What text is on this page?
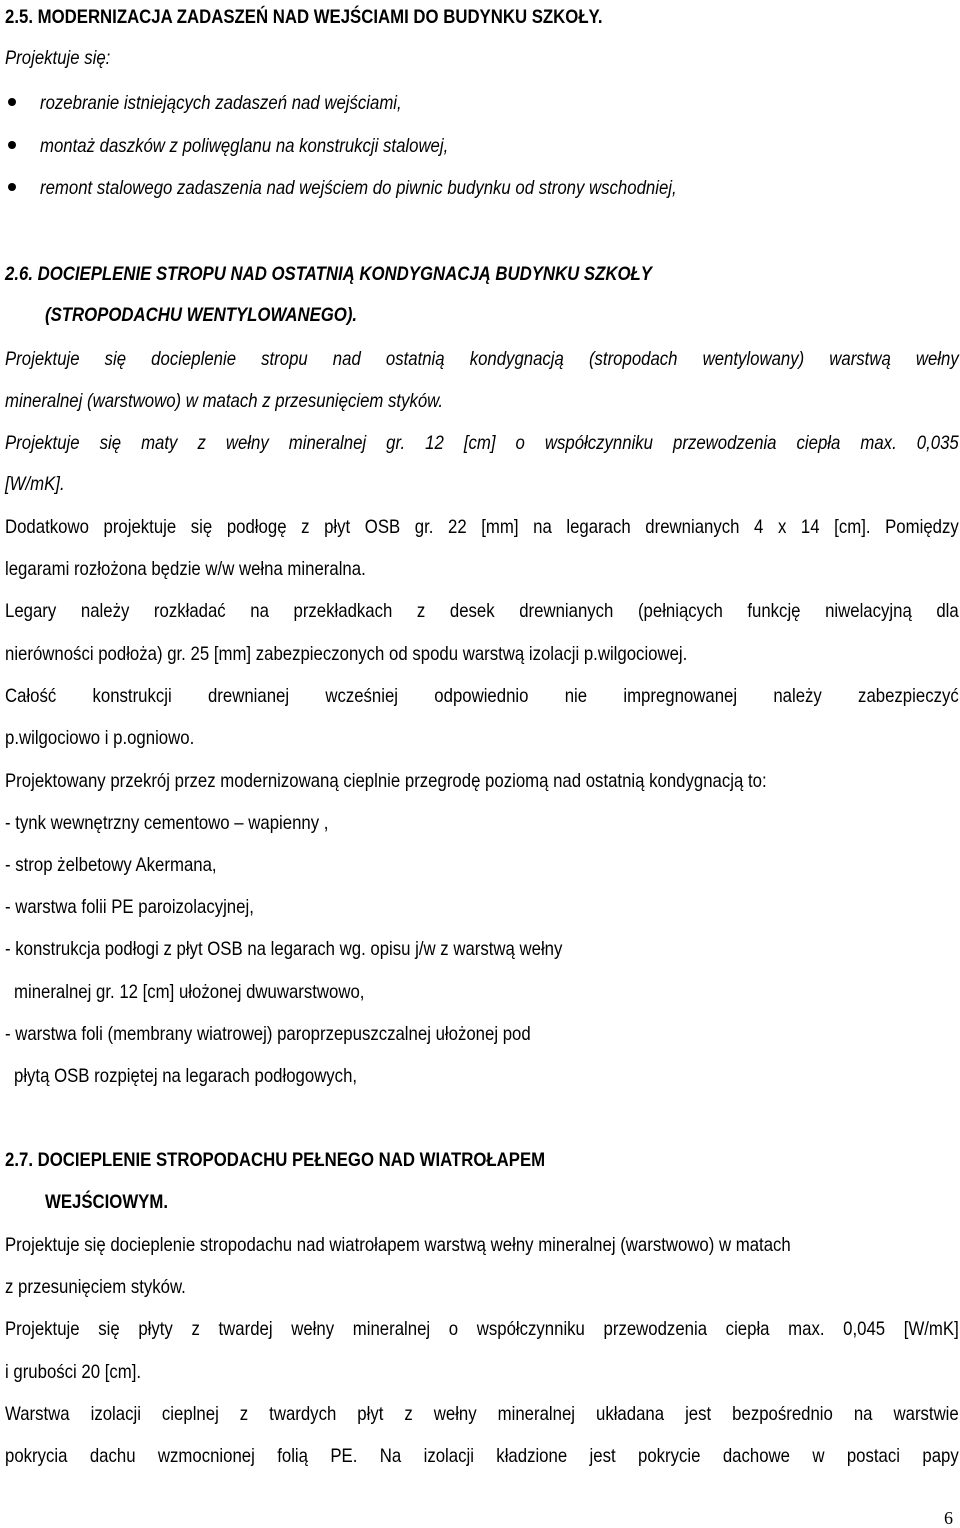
2.5. MODERNIZACJA ZADASZEŃ NAD WEJŚCIAMI DO BUDYNKU SZKOŁY.
Projektuje się:
rozebranie istniejących zadaszeń nad wejściami,
montaż daszków z poliwęglanu na konstrukcji stalowej,
remont stalowego zadaszenia nad wejściem do piwnic budynku od strony wschodniej,
2.6. DOCIEPLENIE STROPU NAD OSTATNIĄ KONDYGNACJĄ BUDYNKU SZKOŁY
(STROPODACHU WENTYLOWANEGO).
Projektuje się docieplenie stropu nad ostatnią kondygnacją (stropodach wentylowany) warstwą wełny
mineralnej (warstwowo) w matach z przesunięciem styków.
Projektuje się maty z wełny mineralnej gr. 12 [cm] o współczynniku przewodzenia ciepła max. 0,035
[W/mK].
Dodatkowo projektuje się podłogę z płyt OSB gr. 22 [mm] na legarach drewnianych 4 x 14 [cm]. Pomiędzy
legarami rozłożona będzie w/w wełna mineralna.
Legary należy rozkładać na przekładkach z desek drewnianych (pełniących funkcję niwelacyjną dla
nierówności podłoża) gr. 25 [mm] zabezpieczonych od spodu warstwą izolacji p.wilgociowej.
Całość konstrukcji drewnianej wcześniej odpowiednio nie impregnowanej należy zabezpieczyć
p.wilgociowo i p.ogniowo.
Projektowany przekrój przez modernizowaną cieplnie przegrodę poziomą nad ostatnią kondygnacją to:
- tynk wewnętrzny cementowo – wapienny ,
- strop żelbetowy Akermana,
- warstwa folii PE paroizolacyjnej,
- konstrukcja podłogi z płyt OSB na legarach wg. opisu j/w z warstwą wełny
mineralnej gr. 12 [cm] ułożonej dwuwarstwowo,
- warstwa foli (membrany wiatrowej) paroprzepuszczalnej ułożonej pod
płytą OSB rozpiętej na legarach podłogowych,
2.7. DOCIEPLENIE STROPODACHU PEŁNEGO NAD WIATROŁAPEM
WEJŚCIOWYM.
Projektuje się docieplenie stropodachu nad wiatrołapem warstwą wełny mineralnej (warstwowo) w matach
z przesunięciem styków.
Projektuje się płyty z twardej wełny mineralnej o współczynniku przewodzenia ciepła max. 0,045 [W/mK]
i grubości 20 [cm].
Warstwa izolacji cieplnej z twardych płyt z wełny mineralnej układana jest bezpośrednio na warstwie
pokrycia dachu wzmocnionej folią PE. Na izolacji kładzione jest pokrycie dachowe w postaci papy
6
